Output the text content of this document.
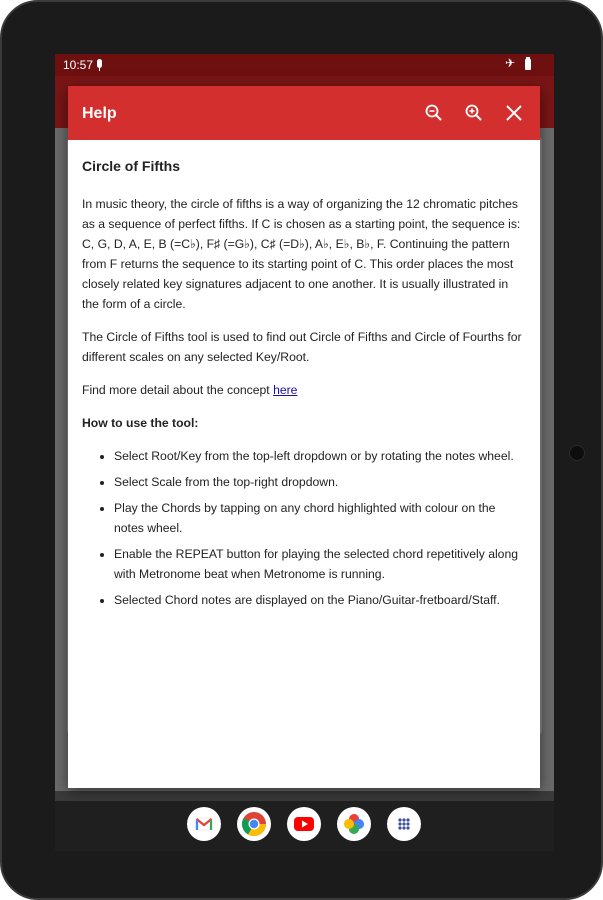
10:57	✈
Help
Circle of Fifths

In music theory, the circle of fifths is a way of organizing the 12 chromatic pitches as a sequence of perfect fifths. If C is chosen as a starting point, the sequence is: C, G, D, A, E, B (=C♭), F♯ (=G♭), C♯ (=D♭), A♭, E♭, B♭, F. Continuing the pattern from F returns the sequence to its starting point of C. This order places the most closely related key signatures adjacent to one another. It is usually illustrated in the form of a circle.

The Circle of Fifths tool is used to find out Circle of Fifths and Circle of Fourths for different scales on any selected Key/Root.

Find more detail about the concept here

How to use the tool:

• Select Root/Key from the top-left dropdown or by rotating the notes wheel.
• Select Scale from the top-right dropdown.
• Play the Chords by tapping on any chord highlighted with colour on the notes wheel.
• Enable the REPEAT button for playing the selected chord repetitively along with Metronome beat when Metronome is running.
• Selected Chord notes are displayed on the Piano/Guitar-fretboard/Staff.
